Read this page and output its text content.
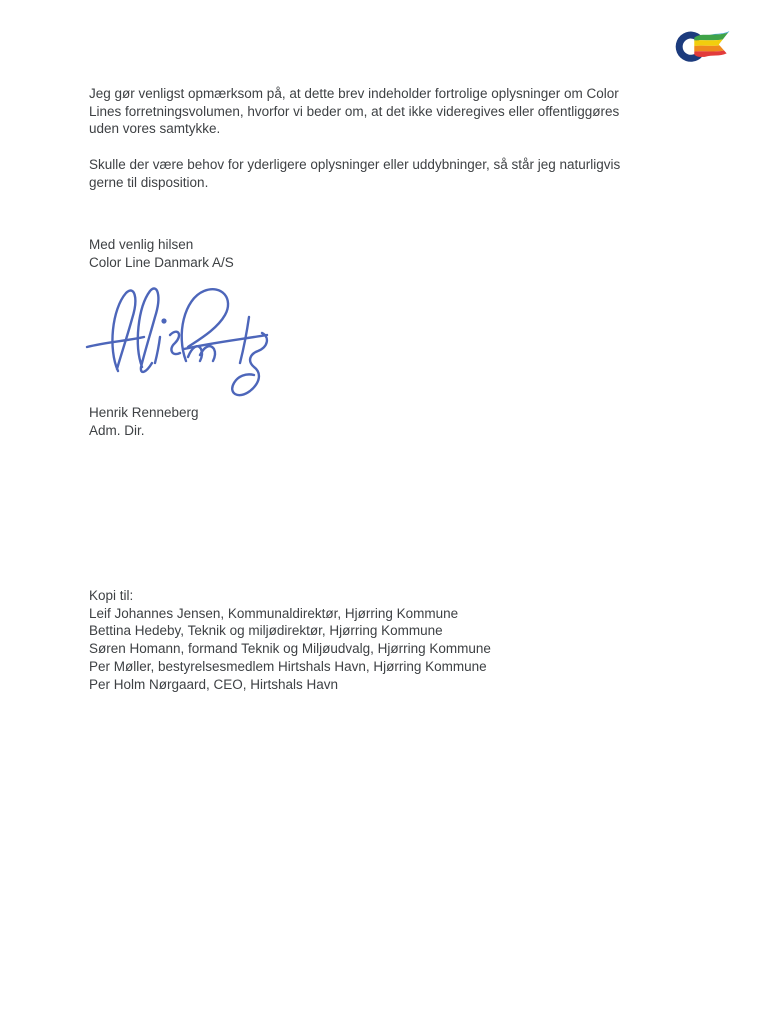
Jeg gør venligst opmærksom på, at dette brev indeholder fortrolige oplysninger om Color
Lines forretningsvolumen, hvorfor vi beder om, at det ikke videregives eller offentliggøres
uden vores samtykke.
Skulle der være behov for yderligere oplysninger eller uddybninger, så står jeg naturligvis
gerne til disposition.
Med venlig hilsen
Color Line Danmark A/S
Henrik Renneberg
Adm. Dir.
Kopi til:
Leif Johannes Jensen, Kommunaldirektør, Hjørring Kommune
Bettina Hedeby, Teknik og miljødirektør, Hjørring Kommune
Søren Homann, formand Teknik og Miljøudvalg, Hjørring Kommune
Per Møller, bestyrelsesmedlem Hirtshals Havn, Hjørring Kommune
Per Holm Nørgaard, CEO, Hirtshals Havn
